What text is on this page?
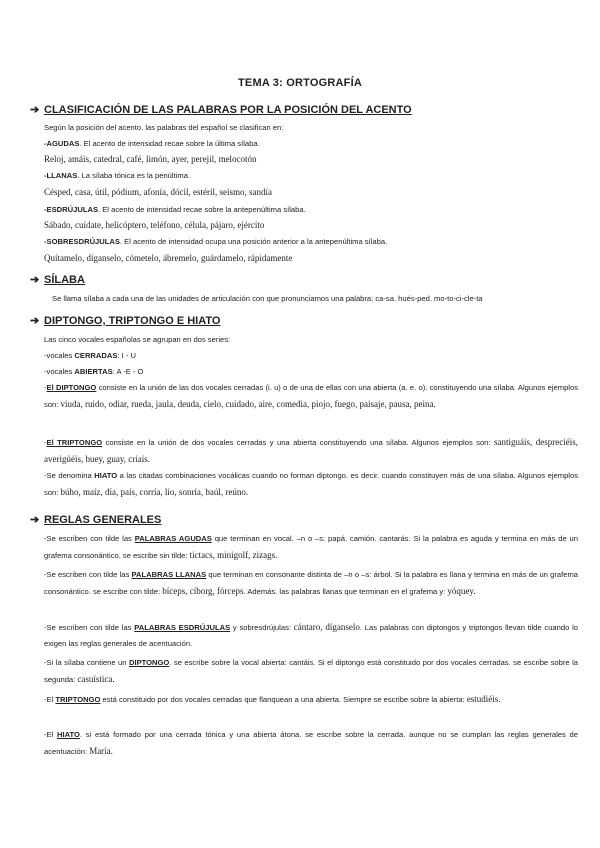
TEMA 3: ORTOGRAFÍA
➔ CLASIFICACIÓN DE LAS PALABRAS POR LA POSICIÓN DEL ACENTO
Según la posición del acento. las palabras del español se clasifican en:
-AGUDAS. El acento de intensidad recae sobre la última sílaba.
Reloj, amáis, catedral, café, limón, ayer, perejil, melocotón
-LLANAS. La sílaba tónica es la penúltima.
Césped, casa, útil, pódium, afonía, dócil, estéril, seísmo, sandía
-ESDRÚJULAS. El acento de intensidad recae sobre la antepenúltima sílaba.
Sábado, cuídate, helicóptero, teléfono, célula, pájaro, ejército
-SOBRESDRÚJULAS. El acento de intensidad ocupa una posición anterior a la antepenúltima sílaba.
Quítamelo, díganselo, cómetelo, ábremelo, guárdamelo, rápidamente
➔ SÍLABA
Se llama sílaba a cada una de las unidades de articulación con que pronunciamos una palabra: ca-sa. hués-ped. mo-to-ci-cle-ta
➔ DIPTONGO, TRIPTONGO E HIATO
Las cinco vocales españolas se agrupan en dos series:
-vocales CERRADAS: I - U
-vocales ABIERTAS: A -E - O
-El DIPTONGO consiste en la unión de las dos vocales cerradas (i. u) o de una de ellas con una abierta (a. e. o). constituyendo una sílaba. Algunos ejemplos son: viuda, ruido, odiar, rueda, jaula, deuda, cielo, cuidado, aire, comedia, piojo, fuego, paisaje, pausa, peina.
-El TRIPTONGO consiste en la unión de dos vocales cerradas y una abierta constituyendo una sílaba. Algunos ejemplos son: santiguáis, despreciéis, averigüéis, buey, guay, criais.
-Se denomina HIATO a las citadas combinaciones vocálicas cuando no forman diptongo. es decir. cuando constituyen más de una sílaba. Algunos ejemplos son: búho, maíz, día, país, corría, lío, sonría, baúl, reúno.
➔ REGLAS GENERALES
-Se escriben con tilde las PALABRAS AGUDAS que terminan en vocal. –n o –s: papá. camión. cantarás. Si la palabra es aguda y termina en más de un grafema consonántico. se escribe sin tilde: tictacs, minigolf, zizags.
-Se escriben con tilde las PALABRAS LLANAS que terminan en consonante distinta de –n o –s: árbol. Si la palabra es llana y termina en más de un grafema consonántico. se escribe con tilde: bíceps, cíborg, fórceps. Además. las palabras llanas que terminan en el grafema y: yóquey.
-Se escriben con tilde las PALABRAS ESDRÚJULAS y sobresdrújulas: cántaro, díganselo. Las palabras con diptongos y triptongos llevan tilde cuando lo exigen las reglas generales de acentuación.
-Si la sílaba contiene un DIPTONGO. se escribe sobre la vocal abierta: cantáis. Si el diptongo está constituido por dos vocales cerradas. se escribe sobre la segunda: casuística.
-El TRIPTONGO está constituido por dos vocales cerradas que flanquean a una abierta. Siempre se escribe sobre la abierta: estudiéis.
-El HIATO. si está formado por una cerrada tónica y una abierta átona. se escribe sobre la cerrada. aunque no se cumplan las reglas generales de acentuación: María.
